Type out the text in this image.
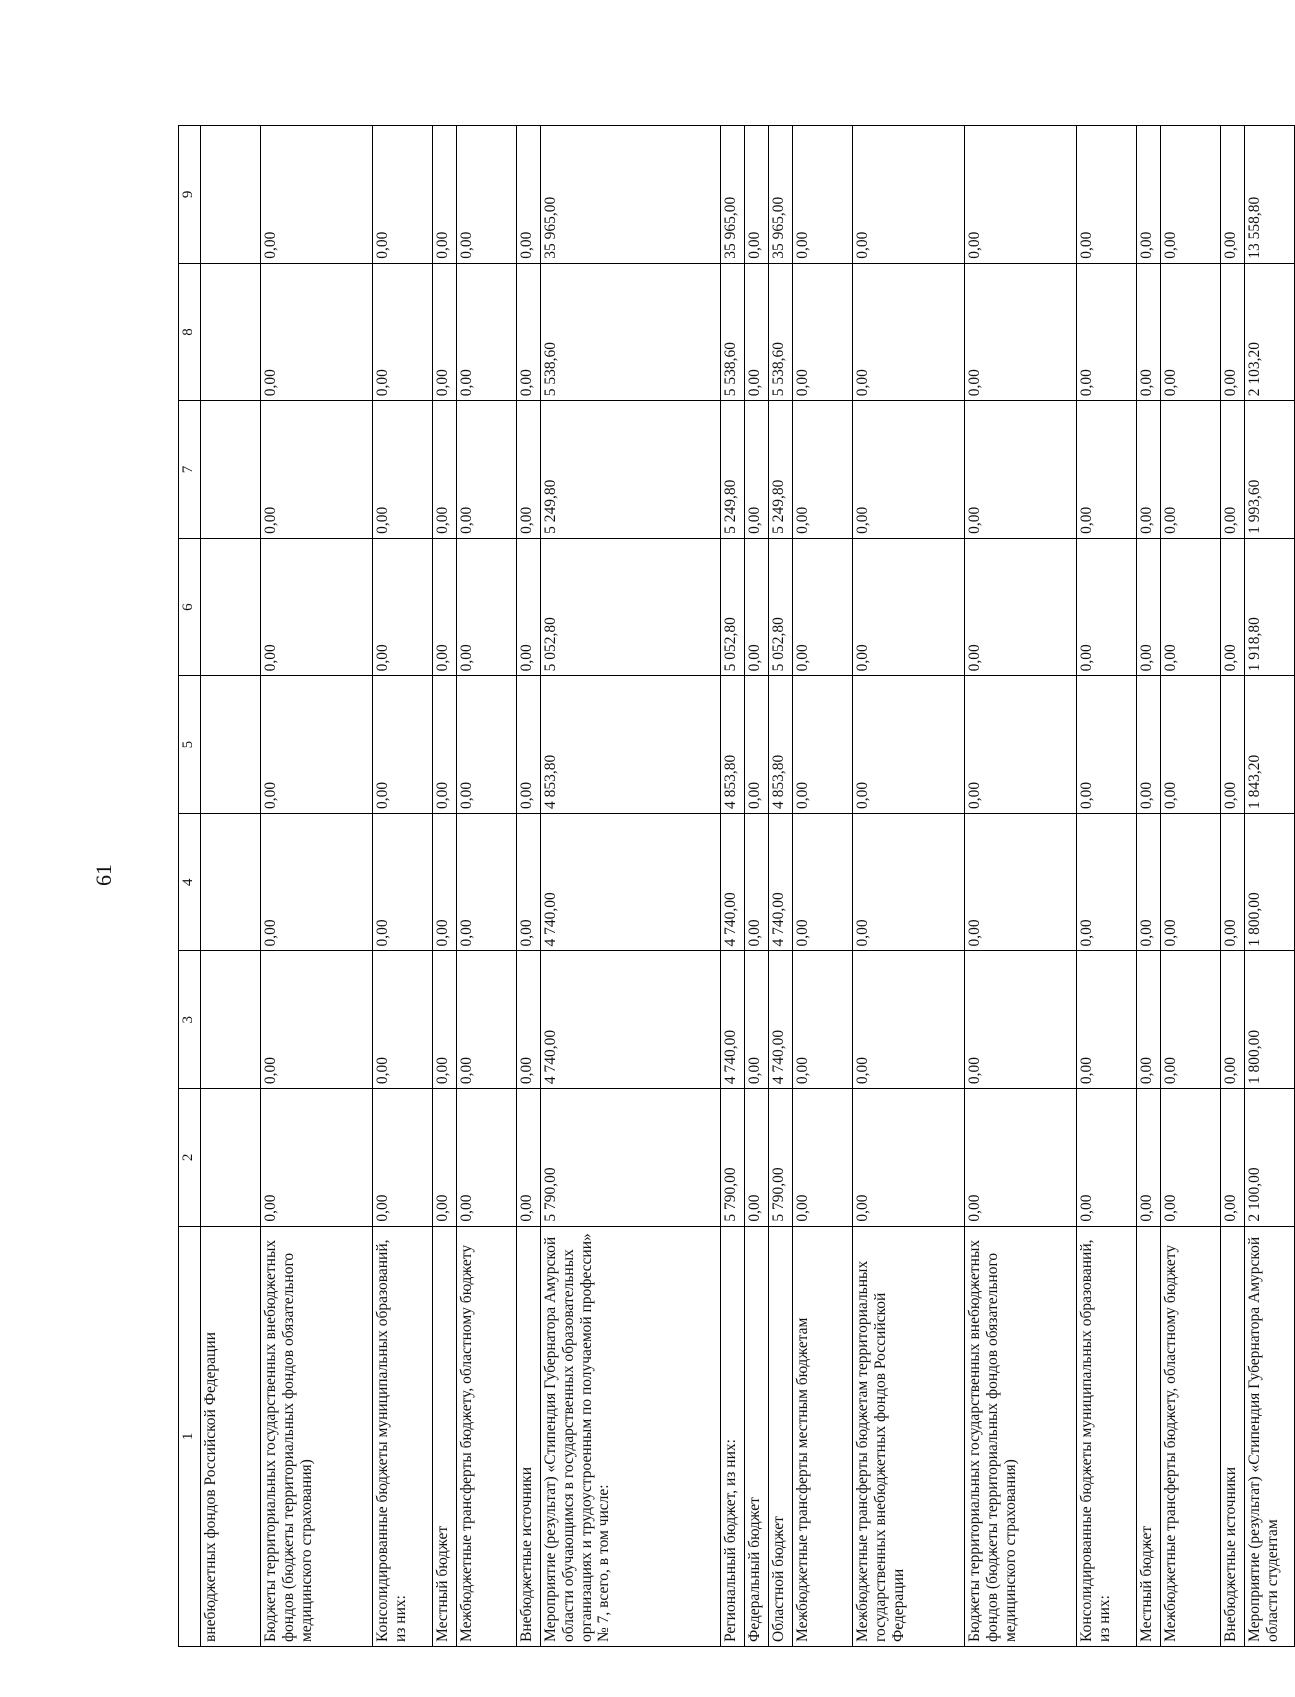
61
1	2	3	4	5	6	7	8	9
внебюджетных фондов Российской Федерации								
Бюджеты территориальных государственных внебюджетных фондов (бюджеты территориальных фондов обязательного медицинского страхования)	0,00	0,00	0,00	0,00	0,00	0,00	0,00	0,00
Консолидированные бюджеты муниципальных образований, из них:	0,00	0,00	0,00	0,00	0,00	0,00	0,00	0,00
Местный бюджет	0,00	0,00	0,00	0,00	0,00	0,00	0,00	0,00
Межбюджетные трансферты бюджету, областному бюджету	0,00	0,00	0,00	0,00	0,00	0,00	0,00	0,00
Внебюджетные источники	0,00	0,00	0,00	0,00	0,00	0,00	0,00	0,00
Мероприятие (результат) «Стипендия Губернатора Амурской области обучающимся в государственных образовательных организациях и трудоустроенным по получаемой профессии» № 7, всего, в том числе:	5 790,00	4 740,00	4 740,00	4 853,80	5 052,80	5 249,80	5 538,60	35 965,00
Региональный бюджет, из них:	5 790,00	4 740,00	4 740,00	4 853,80	5 052,80	5 249,80	5 538,60	35 965,00
Федеральный бюджет	0,00	0,00	0,00	0,00	0,00	0,00	0,00	0,00
Областной бюджет	5 790,00	4 740,00	4 740,00	4 853,80	5 052,80	5 249,80	5 538,60	35 965,00
Межбюджетные трансферты местным бюджетам	0,00	0,00	0,00	0,00	0,00	0,00	0,00	0,00
Межбюджетные трансферты бюджетам территориальных государственных внебюджетных фондов Российской Федерации	0,00	0,00	0,00	0,00	0,00	0,00	0,00	0,00
Бюджеты территориальных государственных внебюджетных фондов (бюджеты территориальных фондов обязательного медицинского страхования)	0,00	0,00	0,00	0,00	0,00	0,00	0,00	0,00
Консолидированные бюджеты муниципальных образований, из них:	0,00	0,00	0,00	0,00	0,00	0,00	0,00	0,00
Местный бюджет	0,00	0,00	0,00	0,00	0,00	0,00	0,00	0,00
Межбюджетные трансферты бюджету, областному бюджету	0,00	0,00	0,00	0,00	0,00	0,00	0,00	0,00
Внебюджетные источники	0,00	0,00	0,00	0,00	0,00	0,00	0,00	0,00
Мероприятие (результат) «Стипендия Губернатора Амурской области студентам	2 100,00	1 800,00	1 800,00	1 843,20	1 918,80	1 993,60	2 103,20	13 558,80
